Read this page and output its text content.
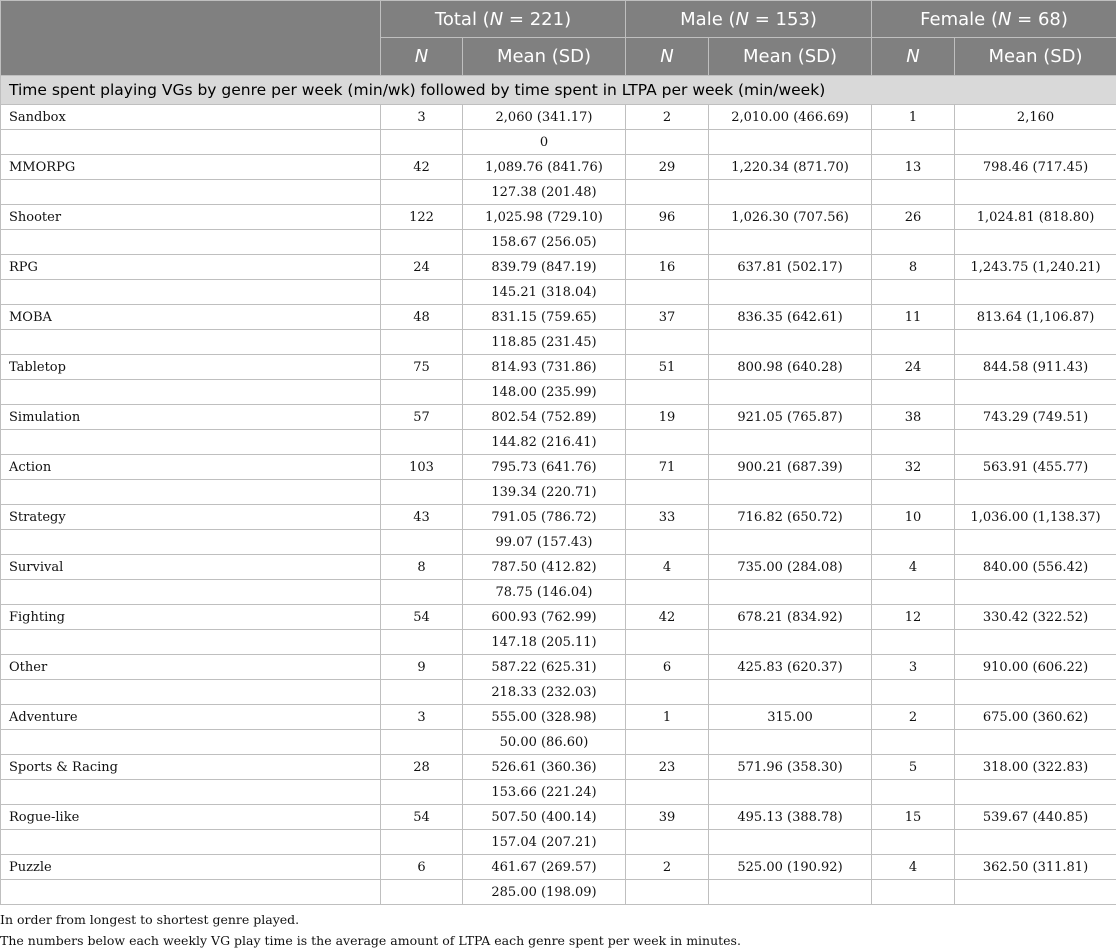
	Total (N = 221)		Male (N = 153)		Female (N = 68)	
	N	Mean (SD)	N	Mean (SD)	N	Mean (SD)
Time spent playing VGs by genre per week (min/wk) followed by time spent in LTPA per week (min/week)						
Sandbox	3	2,060 (341.17)	2	2,010.00 (466.69)	1	2,160
		0				
MMORPG	42	1,089.76 (841.76)	29	1,220.34 (871.70)	13	798.46 (717.45)
		127.38 (201.48)				
Shooter	122	1,025.98 (729.10)	96	1,026.30 (707.56)	26	1,024.81 (818.80)
		158.67 (256.05)				
RPG	24	839.79 (847.19)	16	637.81 (502.17)	8	1,243.75 (1,240.21)
		145.21 (318.04)				
MOBA	48	831.15 (759.65)	37	836.35 (642.61)	11	813.64 (1,106.87)
		118.85 (231.45)				
Tabletop	75	814.93 (731.86)	51	800.98 (640.28)	24	844.58 (911.43)
		148.00 (235.99)				
Simulation	57	802.54 (752.89)	19	921.05 (765.87)	38	743.29 (749.51)
		144.82 (216.41)				
Action	103	795.73 (641.76)	71	900.21 (687.39)	32	563.91 (455.77)
		139.34 (220.71)				
Strategy	43	791.05 (786.72)	33	716.82 (650.72)	10	1,036.00 (1,138.37)
		99.07 (157.43)				
Survival	8	787.50 (412.82)	4	735.00 (284.08)	4	840.00 (556.42)
		78.75 (146.04)				
Fighting	54	600.93 (762.99)	42	678.21 (834.92)	12	330.42 (322.52)
		147.18 (205.11)				
Other	9	587.22 (625.31)	6	425.83 (620.37)	3	910.00 (606.22)
		218.33 (232.03)				
Adventure	3	555.00 (328.98)	1	315.00	2	675.00 (360.62)
		50.00 (86.60)				
Sports & Racing	28	526.61 (360.36)	23	571.96 (358.30)	5	318.00 (322.83)
		153.66 (221.24)				
Rogue-like	54	507.50 (400.14)	39	495.13 (388.78)	15	539.67 (440.85)
		157.04 (207.21)				
Puzzle	6	461.67 (269.57)	2	525.00 (190.92)	4	362.50 (311.81)
		285.00 (198.09)				
In order from longest to shortest genre played.
The numbers below each weekly VG play time is the average amount of LTPA each genre spent per week in minutes.
